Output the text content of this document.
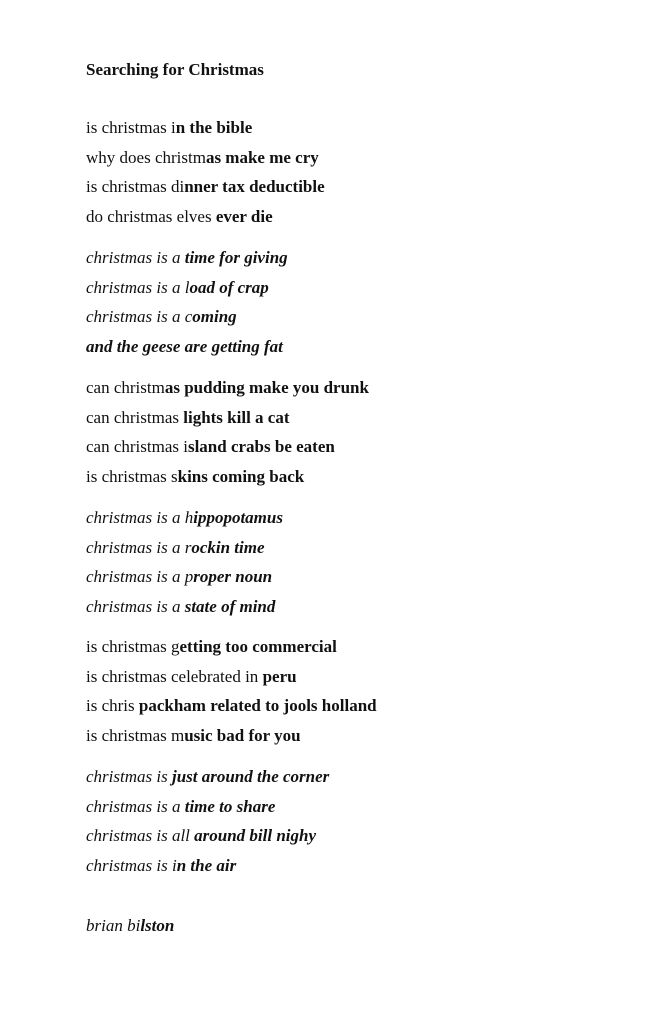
Searching for Christmas
is christmas in the bible
why does christmas make me cry
is christmas dinner tax deductible
do christmas elves ever die
christmas is a time for giving
christmas is a load of crap
christmas is a coming
and the geese are getting fat
can christmas pudding make you drunk
can christmas lights kill a cat
can christmas island crabs be eaten
is christmas skins coming back
christmas is a hippopotamus
christmas is a rockin time
christmas is a proper noun
christmas is a state of mind
is christmas getting too commercial
is christmas celebrated in peru
is chris packham related to jools holland
is christmas music bad for you
christmas is just around the corner
christmas is a time to share
christmas is all around bill nighy
christmas is in the air
brian bilston
